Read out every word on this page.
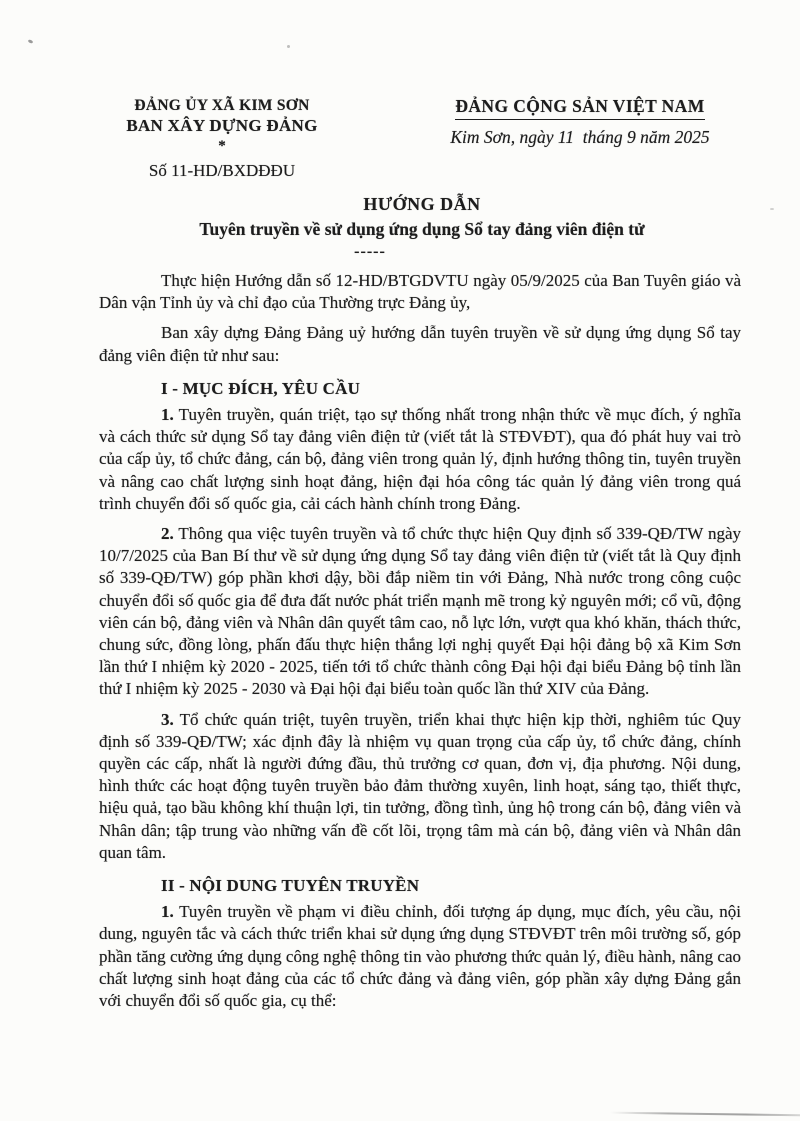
ĐẢNG ỦY XÃ KIM SƠN
BAN XÂY DỰNG ĐẢNG
*
Số 11-HD/BXDĐĐU
ĐẢNG CỘNG SẢN VIỆT NAM
Kim Sơn, ngày 11  tháng 9 năm 2025
HƯỚNG DẪN
Tuyên truyền về sử dụng ứng dụng Sổ tay đảng viên điện tử
-----

Thực hiện Hướng dẫn số 12-HD/BTGDVTU ngày 05/9/2025 của Ban Tuyên giáo và Dân vận Tỉnh ủy và chỉ đạo của Thường trực Đảng ủy,

Ban xây dựng Đảng Đảng uỷ hướng dẫn tuyên truyền về sử dụng ứng dụng Sổ tay đảng viên điện tử như sau:

I - MỤC ĐÍCH, YÊU CẦU

1. Tuyên truyền, quán triệt, tạo sự thống nhất trong nhận thức về mục đích, ý nghĩa và cách thức sử dụng Sổ tay đảng viên điện tử (viết tắt là STĐVĐT), qua đó phát huy vai trò của cấp ủy, tổ chức đảng, cán bộ, đảng viên trong quản lý, định hướng thông tin, tuyên truyền và nâng cao chất lượng sinh hoạt đảng, hiện đại hóa công tác quản lý đảng viên trong quá trình chuyển đổi số quốc gia, cải cách hành chính trong Đảng.

2. Thông qua việc tuyên truyền và tổ chức thực hiện Quy định số 339-QĐ/TW ngày 10/7/2025 của Ban Bí thư về sử dụng ứng dụng Sổ tay đảng viên điện tử (viết tắt là Quy định số 339-QĐ/TW) góp phần khơi dậy, bồi đắp niềm tin với Đảng, Nhà nước trong công cuộc chuyển đổi số quốc gia để đưa đất nước phát triển mạnh mẽ trong kỷ nguyên mới; cổ vũ, động viên cán bộ, đảng viên và Nhân dân quyết tâm cao, nỗ lực lớn, vượt qua khó khăn, thách thức, chung sức, đồng lòng, phấn đấu thực hiện thắng lợi nghị quyết Đại hội đảng bộ xã Kim Sơn lần thứ I nhiệm kỳ 2020 - 2025, tiến tới tổ chức thành công Đại hội đại biểu Đảng bộ tỉnh lần thứ I nhiệm kỳ 2025 - 2030 và Đại hội đại biểu toàn quốc lần thứ XIV của Đảng.

3. Tổ chức quán triệt, tuyên truyền, triển khai thực hiện kịp thời, nghiêm túc Quy định số 339-QĐ/TW; xác định đây là nhiệm vụ quan trọng của cấp ủy, tổ chức đảng, chính quyền các cấp, nhất là người đứng đầu, thủ trưởng cơ quan, đơn vị, địa phương. Nội dung, hình thức các hoạt động tuyên truyền bảo đảm thường xuyên, linh hoạt, sáng tạo, thiết thực, hiệu quả, tạo bầu không khí thuận lợi, tin tưởng, đồng tình, ủng hộ trong cán bộ, đảng viên và Nhân dân; tập trung vào những vấn đề cốt lõi, trọng tâm mà cán bộ, đảng viên và Nhân dân quan tâm.

II - NỘI DUNG TUYÊN TRUYỀN

1. Tuyên truyền về phạm vi điều chỉnh, đối tượng áp dụng, mục đích, yêu cầu, nội dung, nguyên tắc và cách thức triển khai sử dụng ứng dụng STĐVĐT trên môi trường số, góp phần tăng cường ứng dụng công nghệ thông tin vào phương thức quản lý, điều hành, nâng cao chất lượng sinh hoạt đảng của các tổ chức đảng và đảng viên, góp phần xây dựng Đảng gắn với chuyển đổi số quốc gia, cụ thể:
